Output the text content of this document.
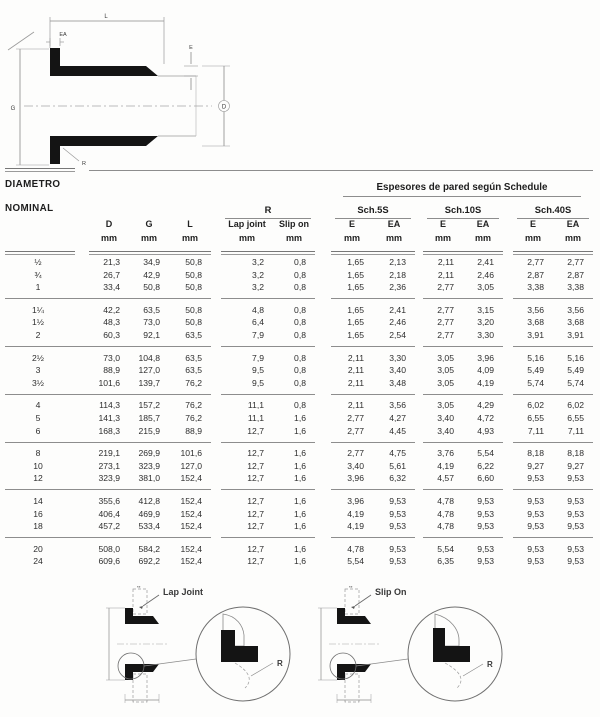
L
EA
G
E
D
R
DIAMETRO	Espesores de pared según Schedule
NOMINAL	R	Sch.5S	Sch.10S	Sch.40S
D	G	L	Lap joint	Slip on	E	EA	E	EA	E	EA
mm	mm	mm	mm	mm	mm	mm	mm	mm	mm	mm
½	21,3	34,9	50,8	3,2	0,8	1,65	2,13	2,11	2,41	2,77	2,77
¾	26,7	42,9	50,8	3,2	0,8	1,65	2,18	2,11	2,46	2,87	2,87
1	33,4	50,8	50,8	3,2	0,8	1,65	2,36	2,77	3,05	3,38	3,38
1¼	42,2	63,5	50,8	4,8	0,8	1,65	2,41	2,77	3,15	3,56	3,56
1½	48,3	73,0	50,8	6,4	0,8	1,65	2,46	2,77	3,20	3,68	3,68
2	60,3	92,1	63,5	7,9	0,8	1,65	2,54	2,77	3,30	3,91	3,91
2½	73,0	104,8	63,5	7,9	0,8	2,11	3,30	3,05	3,96	5,16	5,16
3	88,9	127,0	63,5	9,5	0,8	2,11	3,40	3,05	4,09	5,49	5,49
3½	101,6	139,7	76,2	9,5	0,8	2,11	3,48	3,05	4,19	5,74	5,74
4	114,3	157,2	76,2	11,1	0,8	2,11	3,56	3,05	4,29	6,02	6,02
5	141,3	185,7	76,2	11,1	1,6	2,77	4,27	3,40	4,72	6,55	6,55
6	168,3	215,9	88,9	12,7	1,6	2,77	4,45	3,40	4,93	7,11	7,11
8	219,1	269,9	101,6	12,7	1,6	2,77	4,75	3,76	5,54	8,18	8,18
10	273,1	323,9	127,0	12,7	1,6	3,40	5,61	4,19	6,22	9,27	9,27
12	323,9	381,0	152,4	12,7	1,6	3,96	6,32	4,57	6,60	9,53	9,53
14	355,6	412,8	152,4	12,7	1,6	3,96	9,53	4,78	9,53	9,53	9,53
16	406,4	469,9	152,4	12,7	1,6	4,19	9,53	4,78	9,53	9,53	9,53
18	457,2	533,4	152,4	12,7	1,6	4,19	9,53	4,78	9,53	9,53	9,53
20	508,0	584,2	152,4	12,7	1,6	4,78	9,53	5,54	9,53	9,53	9,53
24	609,6	692,2	152,4	12,7	1,6	5,54	9,53	6,35	9,53	9,53	9,53
Lap Joint
**
R
Slip On
**
R
